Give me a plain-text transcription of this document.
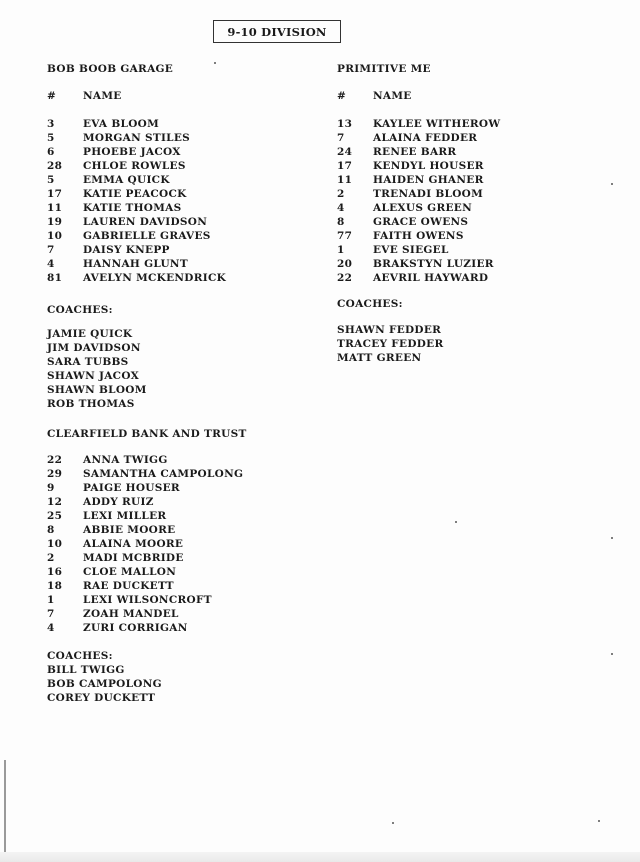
9-10 DIVISION
BOB BOOB GARAGE
#	NAME
3	EVA BLOOM
5	MORGAN STILES
6	PHOEBE JACOX
28	CHLOE ROWLES
5	EMMA QUICK
17	KATIE PEACOCK
11	KATIE THOMAS
19	LAUREN DAVIDSON
10	GABRIELLE GRAVES
7	DAISY KNEPP
4	HANNAH GLUNT
81	AVELYN MCKENDRICK
COACHES:
JAMIE QUICK
JIM DAVIDSON
SARA TUBBS
SHAWN JACOX
SHAWN BLOOM
ROB THOMAS
PRIMITIVE ME
#	NAME
13	KAYLEE WITHEROW
7	ALAINA FEDDER
24	RENEE BARR
17	KENDYL HOUSER
11	HAIDEN GHANER
2	TRENADI BLOOM
4	ALEXUS GREEN
8	GRACE OWENS
77	FAITH OWENS
1	EVE SIEGEL
20	BRAKSTYN LUZIER
22	AEVRIL HAYWARD
COACHES:
SHAWN FEDDER
TRACEY FEDDER
MATT GREEN
CLEARFIELD BANK AND TRUST
22	ANNA TWIGG
29	SAMANTHA CAMPOLONG
9	PAIGE HOUSER
12	ADDY RUIZ
25	LEXI MILLER
8	ABBIE MOORE
10	ALAINA MOORE
2	MADI MCBRIDE
16	CLOE MALLON
18	RAE DUCKETT
1	LEXI WILSONCROFT
7	ZOAH MANDEL
4	ZURI CORRIGAN
COACHES:
BILL TWIGG
BOB CAMPOLONG
COREY DUCKETT
